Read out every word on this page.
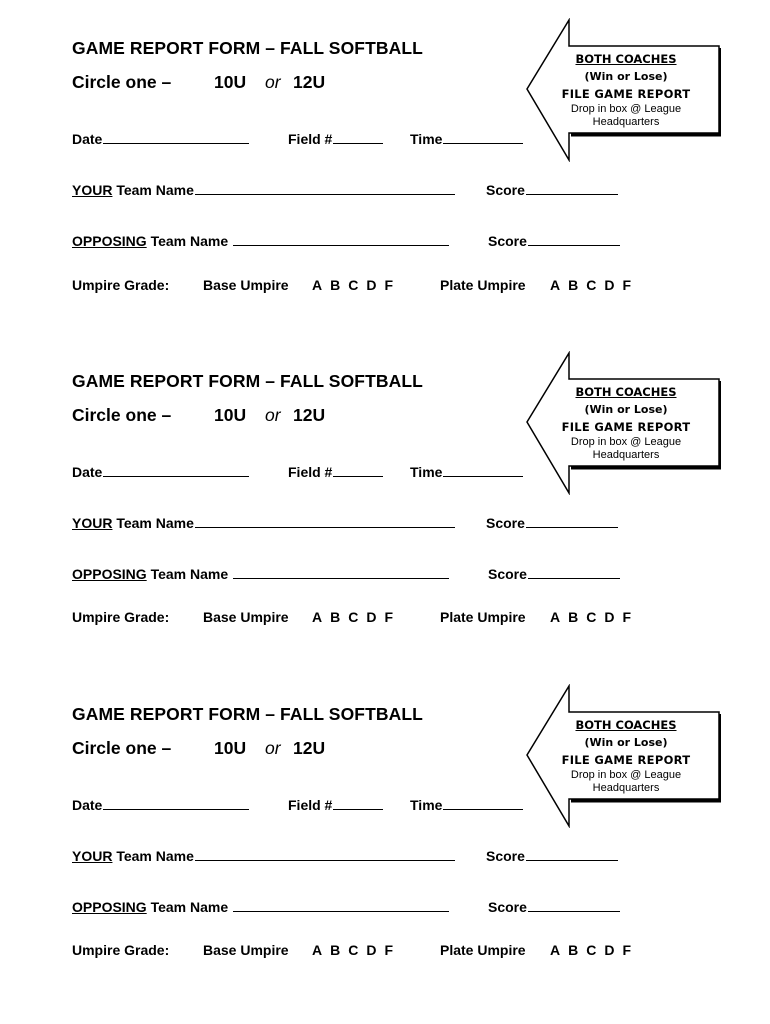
GAME REPORT FORM – FALL SOFTBALL
Circle one – 10U or 12U
Date	Field #	Time
YOUR Team Name	Score
OPPOSING Team Name	Score
Umpire Grade: Base Umpire A B C D F	Plate Umpire A B C D F
BOTH COACHES
(Win or Lose)
FILE GAME REPORT
Drop in box @ League Headquarters
GAME REPORT FORM – FALL SOFTBALL
Circle one – 10U or 12U
Date	Field #	Time
YOUR Team Name	Score
OPPOSING Team Name	Score
Umpire Grade: Base Umpire A B C D F	Plate Umpire A B C D F
BOTH COACHES
(Win or Lose)
FILE GAME REPORT
Drop in box @ League Headquarters
GAME REPORT FORM – FALL SOFTBALL
Circle one – 10U or 12U
Date	Field #	Time
YOUR Team Name	Score
OPPOSING Team Name	Score
Umpire Grade: Base Umpire A B C D F	Plate Umpire A B C D F
BOTH COACHES
(Win or Lose)
FILE GAME REPORT
Drop in box @ League Headquarters
